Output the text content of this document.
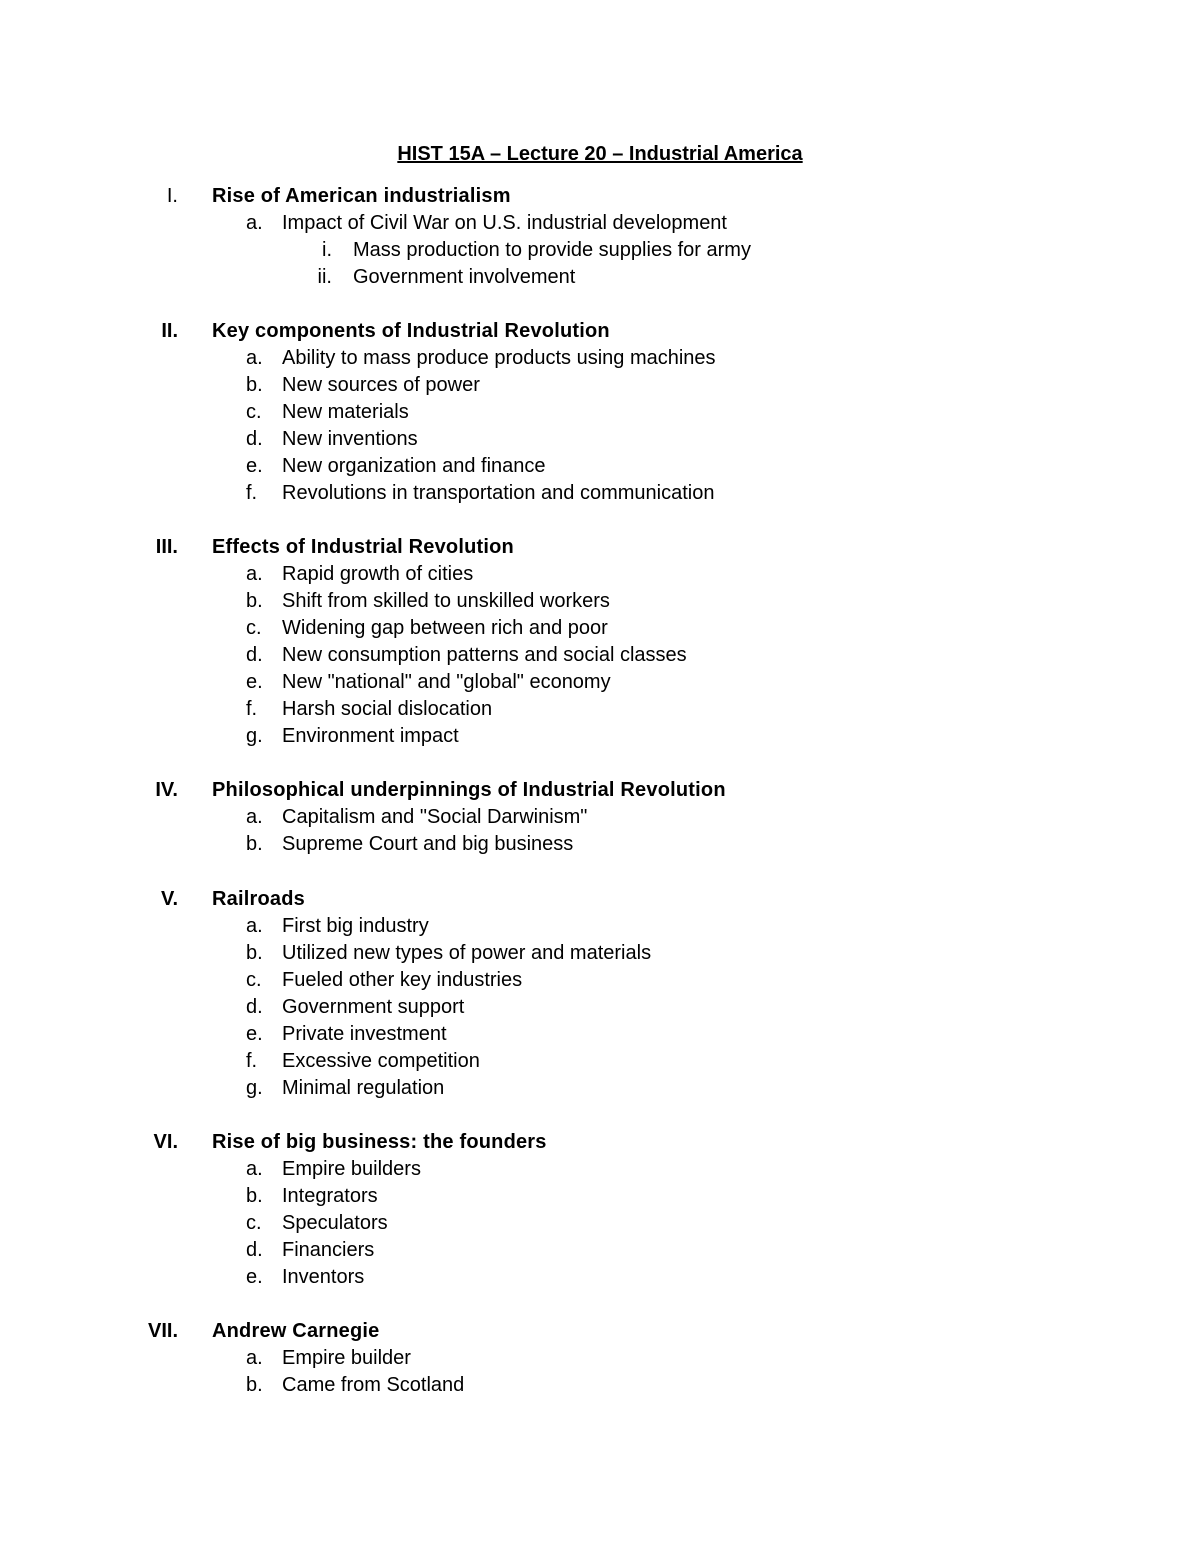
HIST 15A – Lecture 20 – Industrial America
I. Rise of American industrialism
a. Impact of Civil War on U.S. industrial development
i. Mass production to provide supplies for army
ii. Government involvement
II. Key components of Industrial Revolution
a. Ability to mass produce products using machines
b. New sources of power
c.	New materials
d. New inventions
e. New organization and finance
f.	Revolutions in transportation and communication
III. Effects of Industrial Revolution
a. Rapid growth of cities
b. Shift from skilled to unskilled workers
c.	Widening gap between rich and poor
d. New consumption patterns and social classes
e. New "national" and "global" economy
f.	Harsh social dislocation
g. Environment impact
IV. Philosophical underpinnings of Industrial Revolution
a. Capitalism and "Social Darwinism"
b. Supreme Court and big business
V. Railroads
a. First big industry
b. Utilized new types of power and materials
c.	Fueled other key industries
d. Government support
e. Private investment
f.	Excessive competition
g. Minimal regulation
VI. Rise of big business: the founders
a. Empire builders
b. Integrators
c.	Speculators
d. Financiers
e. Inventors
VII. Andrew Carnegie
a. Empire builder
b. Came from Scotland
